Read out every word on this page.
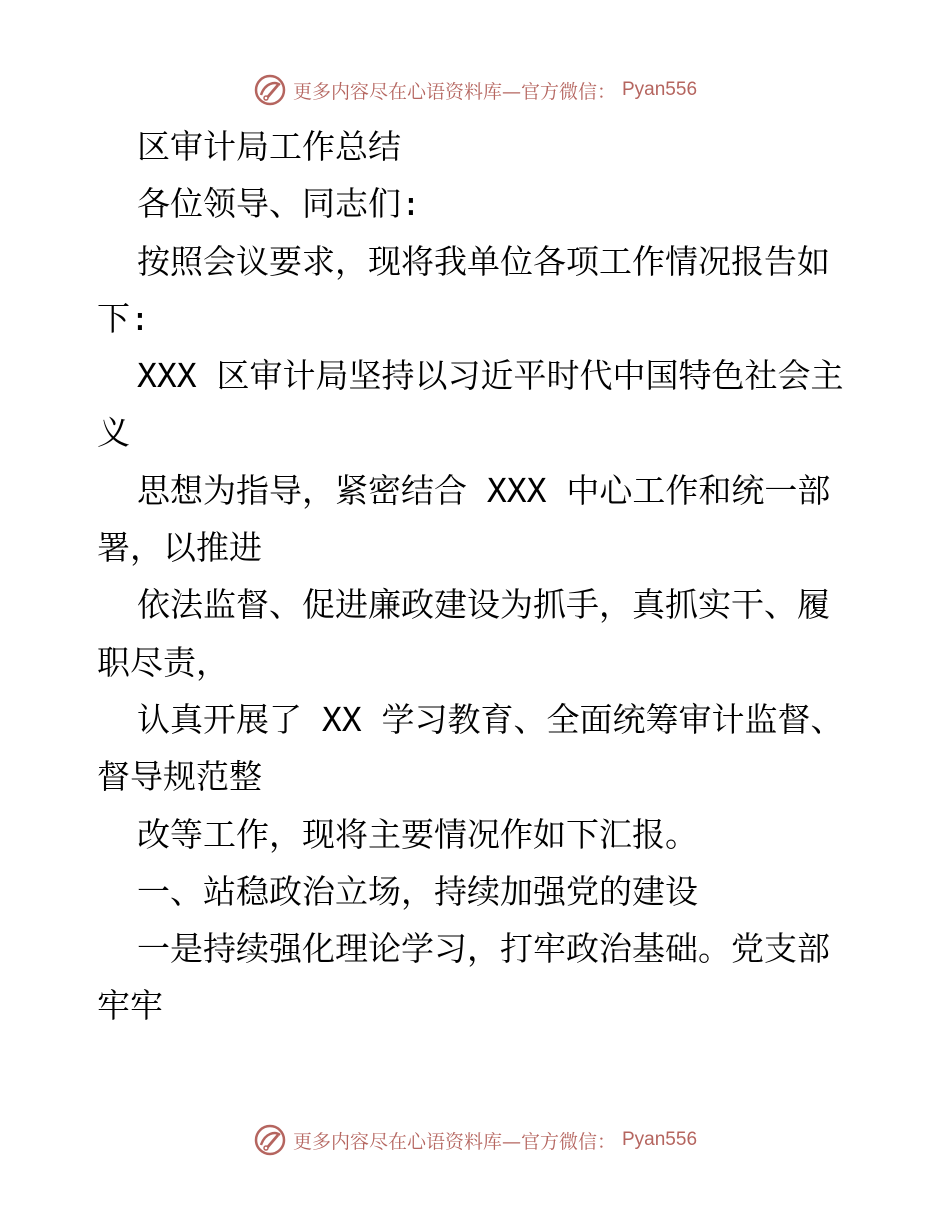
更多内容尽在心语资料库—官方微信： Pyan556
区审计局工作总结
各位领导、同志们:
按照会议要求，现将我单位各项工作情况报告如
下:
XXX 区审计局坚持以习近平时代中国特色社会主
义
思想为指导，紧密结合 XXX 中心工作和统一部
署，以推进
依法监督、促进廉政建设为抓手，真抓实干、履
职尽责，
认真开展了 XX 学习教育、全面统筹审计监督、
督导规范整
改等工作，现将主要情况作如下汇报。
一、站稳政治立场，持续加强党的建设
一是持续强化理论学习，打牢政治基础。党支部
牢牢
更多内容尽在心语资料库—官方微信： Pyan556
